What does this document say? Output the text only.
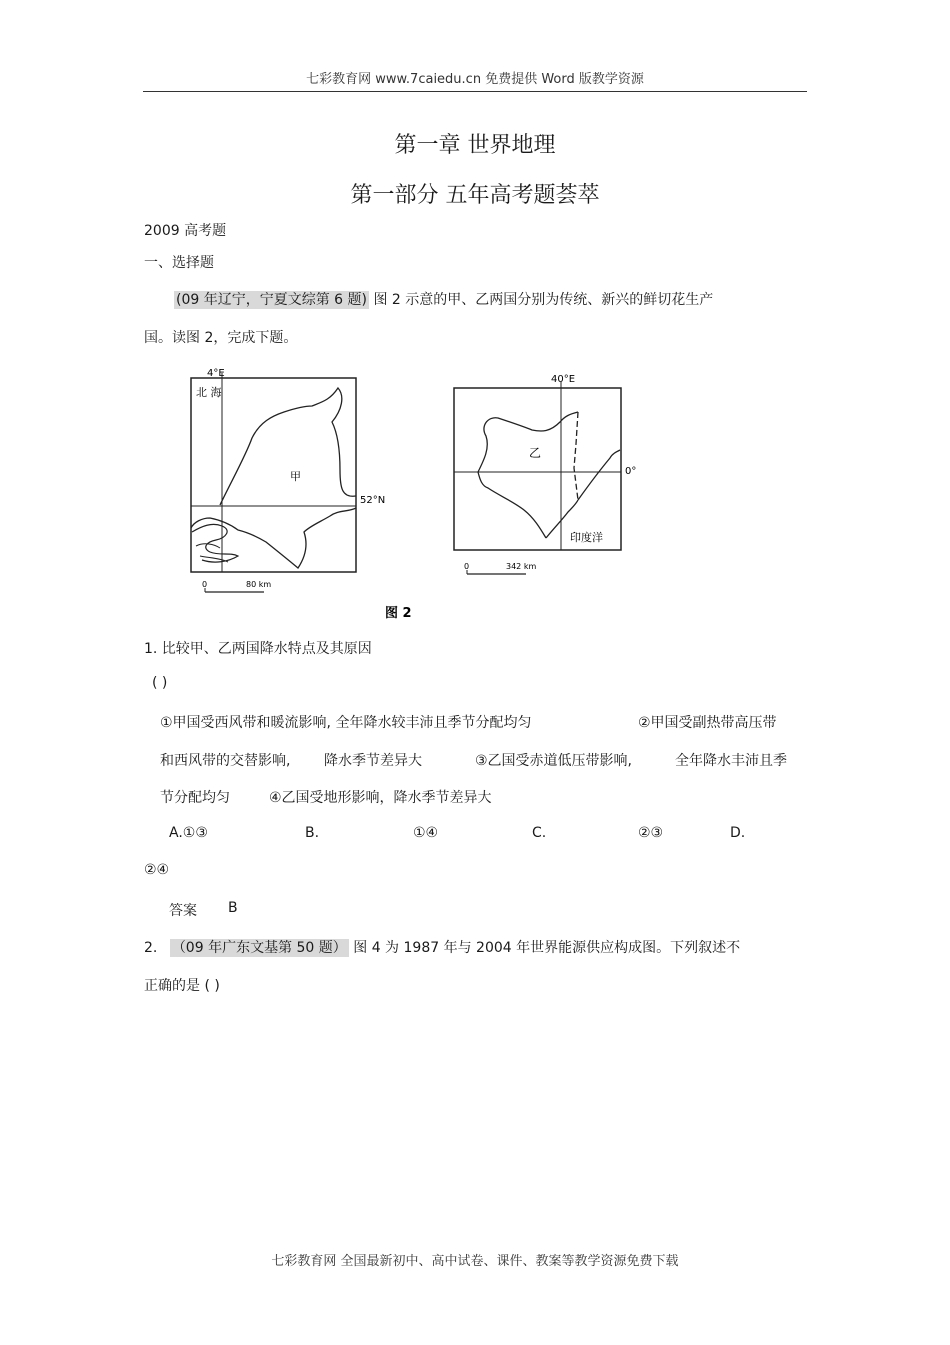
七彩教育网 www.7caiedu.cn 免费提供 Word 版教学资源
第一章 世界地理
第一部分 五年高考题荟萃
2009 高考题
一、选择题
(09 年辽宁，宁夏文综第 6 题) 图 2 示意的甲、乙两国分别为传统、新兴的鲜切花生产
国。读图 2，完成下题。
4°E
北 海
甲
52°N
0	80 km
40°E
乙
0°
印度洋
0	342 km
图 2
1. 比较甲、乙两国降水特点及其原因
( )
①甲国受西风带和暖流影响, 全年降水较丰沛且季节分配均匀	②甲国受副热带高压带
和西风带的交替影响, 降水季节差异大	③乙国受赤道低压带影响,	全年降水丰沛且季
节分配均匀	④乙国受地形影响，降水季节差异大
A.①③	B.	①④	C.	②③	D.
②④
答案 B
2. （09 年广东文基第 50 题） 图 4 为 1987 年与 2004 年世界能源供应构成图。下列叙述不
正确的是 ( )
七彩教育网 全国最新初中、高中试卷、课件、教案等教学资源免费下载
